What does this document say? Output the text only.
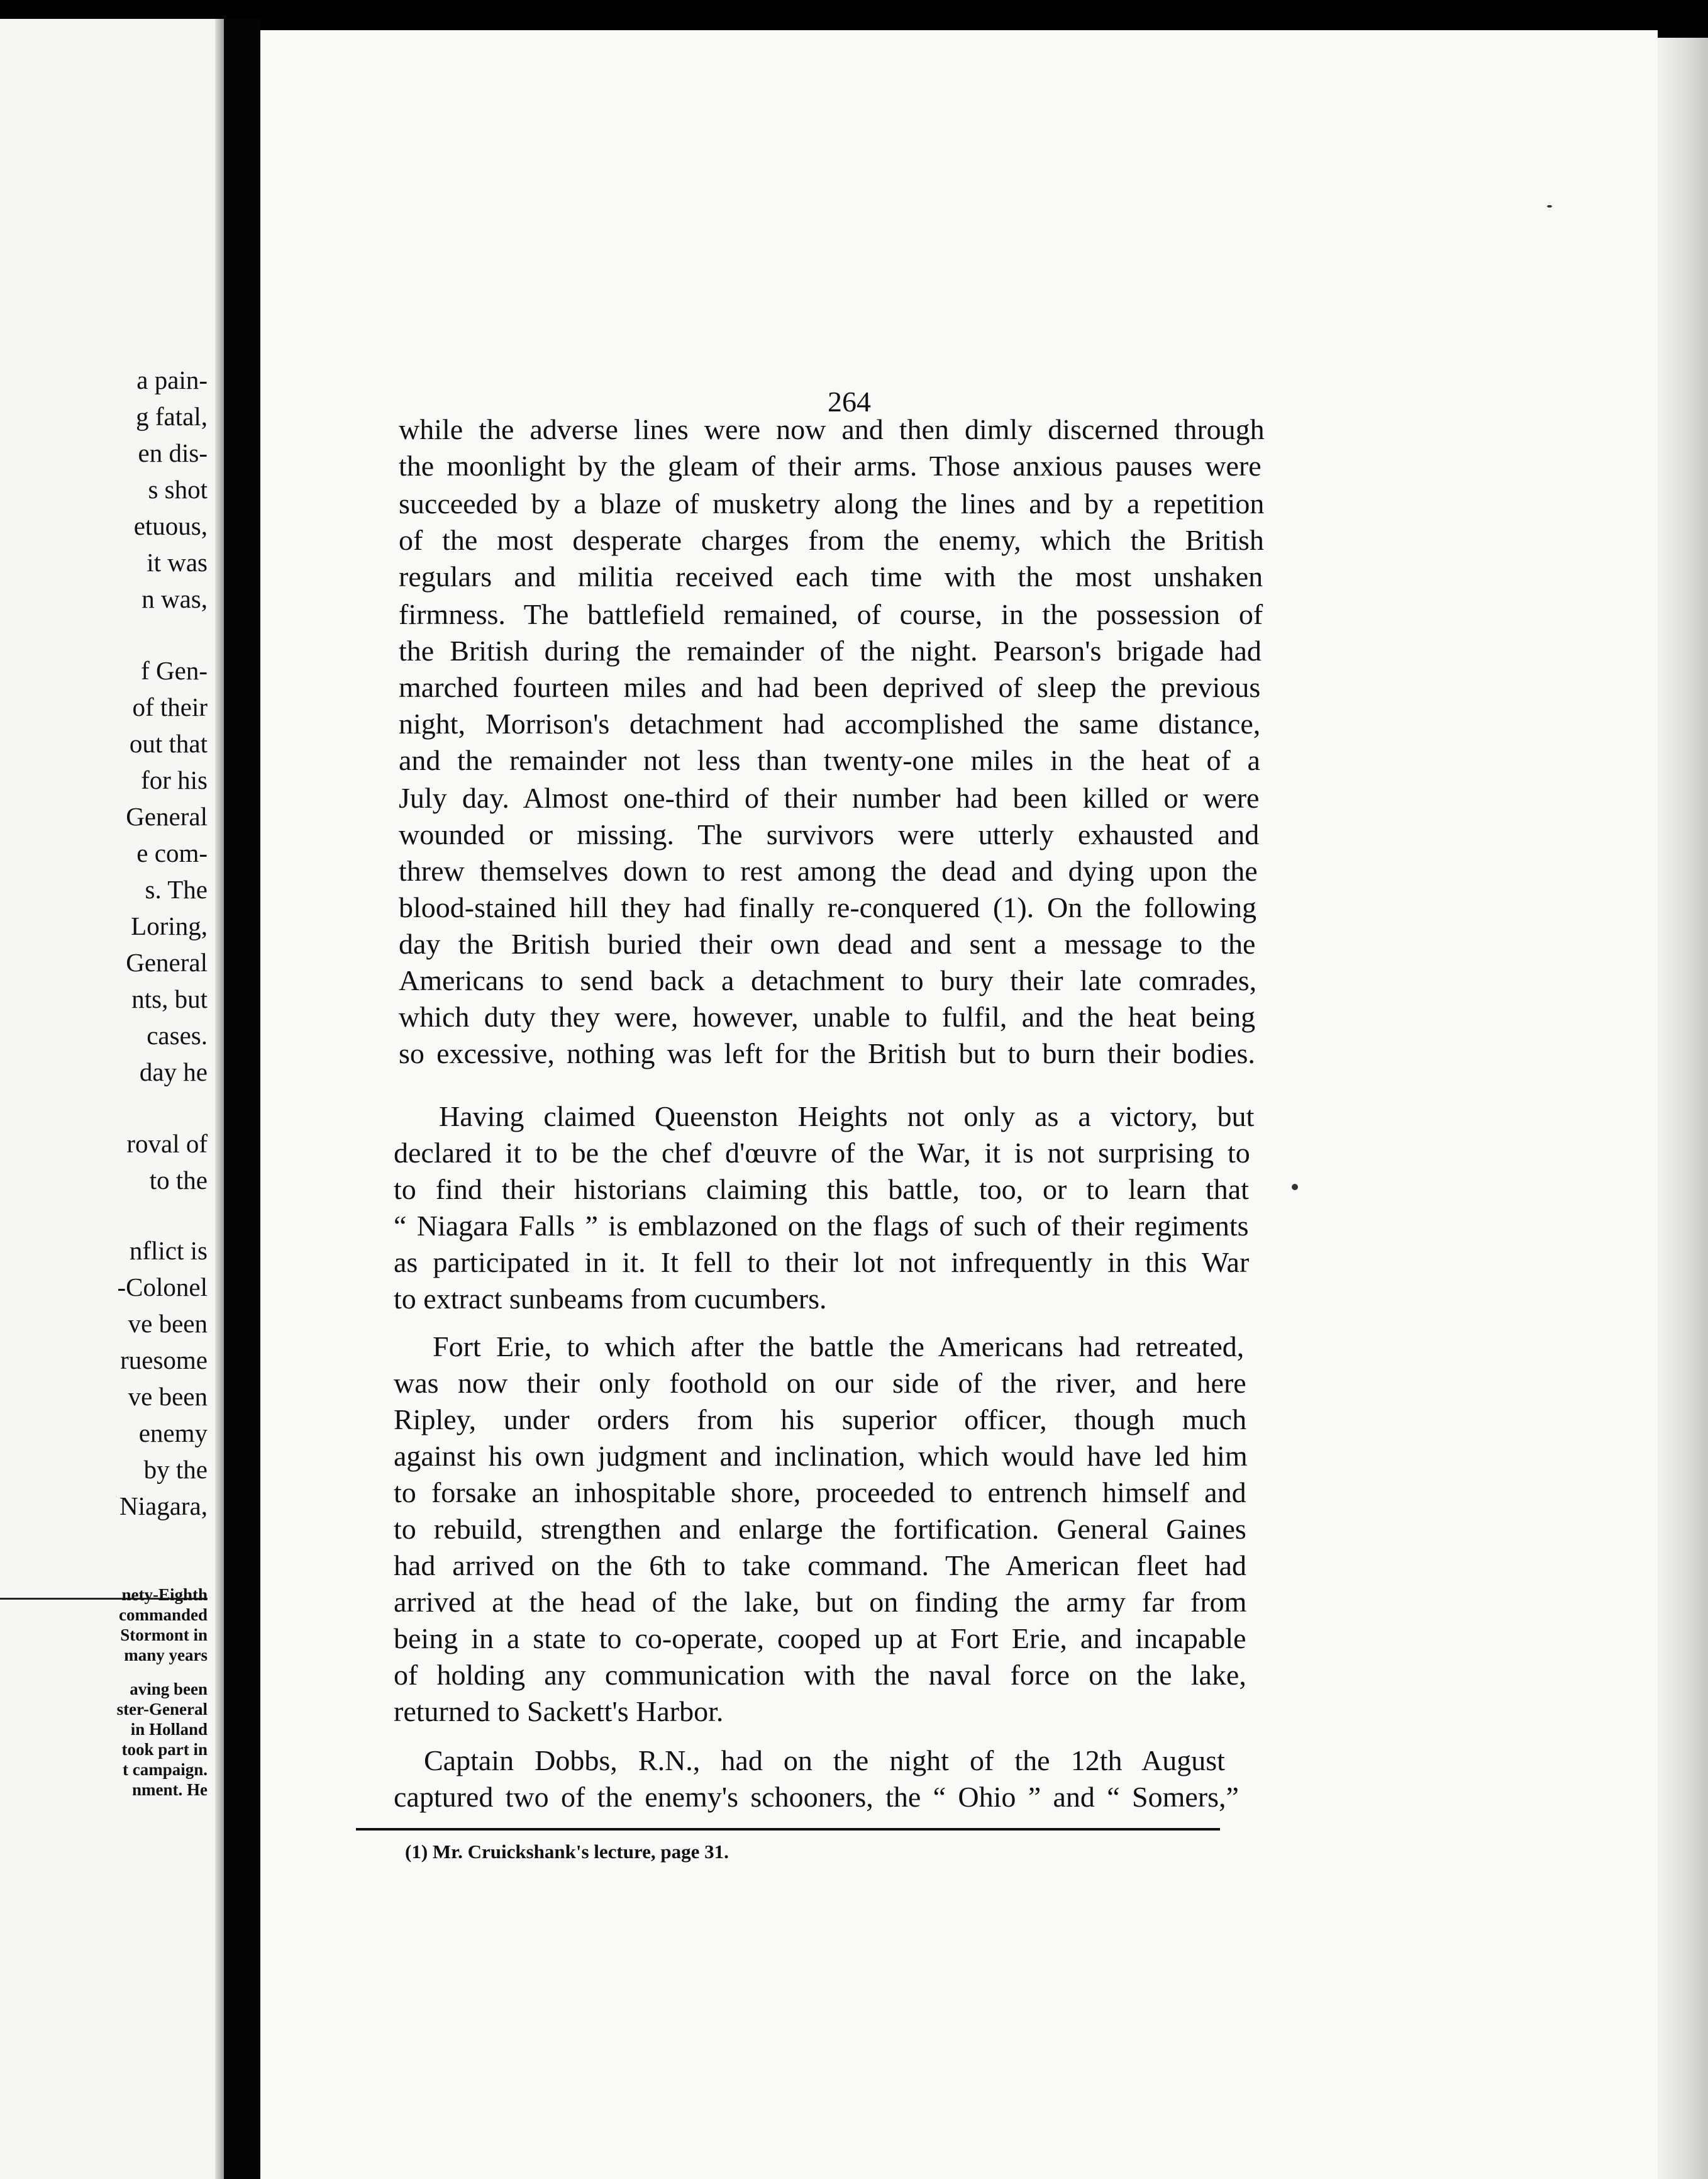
a pain-
g fatal,
en dis-
s shot
etuous,
it was
n was,
f Gen-
of their
out that
for his
General
e com-
s. The
Loring,
General
nts, but
cases.
day he
roval of
to the
nflict is
-Colonel
ve been
ruesome
ve been
enemy
by the
Niagara,
nety-Eighth
commanded
Stormont in
many years
aving been
ster-General
in Holland
took part in
t campaign.
nment. He
264
while the adverse lines were now and then dimly discerned through
the moonlight by the gleam of their arms. Those anxious pauses were
succeeded by a blaze of musketry along the lines and by a repetition
of the most desperate charges from the enemy, which the British
regulars and militia received each time with the most unshaken
firmness. The battlefield remained, of course, in the possession of
the British during the remainder of the night. Pearson's brigade had
marched fourteen miles and had been deprived of sleep the previous
night, Morrison's detachment had accomplished the same distance,
and the remainder not less than twenty-one miles in the heat of a
July day. Almost one-third of their number had been killed or were
wounded or missing. The survivors were utterly exhausted and
threw themselves down to rest among the dead and dying upon the
blood-stained hill they had finally re-conquered (1). On the following
day the British buried their own dead and sent a message to the
Americans to send back a detachment to bury their late comrades,
which duty they were, however, unable to fulfil, and the heat being
so excessive, nothing was left for the British but to burn their bodies.
Having claimed Queenston Heights not only as a victory, but
declared it to be the chef d'œuvre of the War, it is not surprising to
to find their historians claiming this battle, too, or to learn that
“ Niagara Falls ” is emblazoned on the flags of such of their regiments
as participated in it. It fell to their lot not infrequently in this War
to extract sunbeams from cucumbers.
Fort Erie, to which after the battle the Americans had retreated,
was now their only foothold on our side of the river, and here
Ripley, under orders from his superior officer, though much
against his own judgment and inclination, which would have led him
to forsake an inhospitable shore, proceeded to entrench himself and
to rebuild, strengthen and enlarge the fortification. General Gaines
had arrived on the 6th to take command. The American fleet had
arrived at the head of the lake, but on finding the army far from
being in a state to co-operate, cooped up at Fort Erie, and incapable
of holding any communication with the naval force on the lake,
returned to Sackett's Harbor.
Captain Dobbs, R.N., had on the night of the 12th August
captured two of the enemy's schooners, the “ Ohio ” and “ Somers,”
(1) Mr. Cruickshank's lecture, page 31.
